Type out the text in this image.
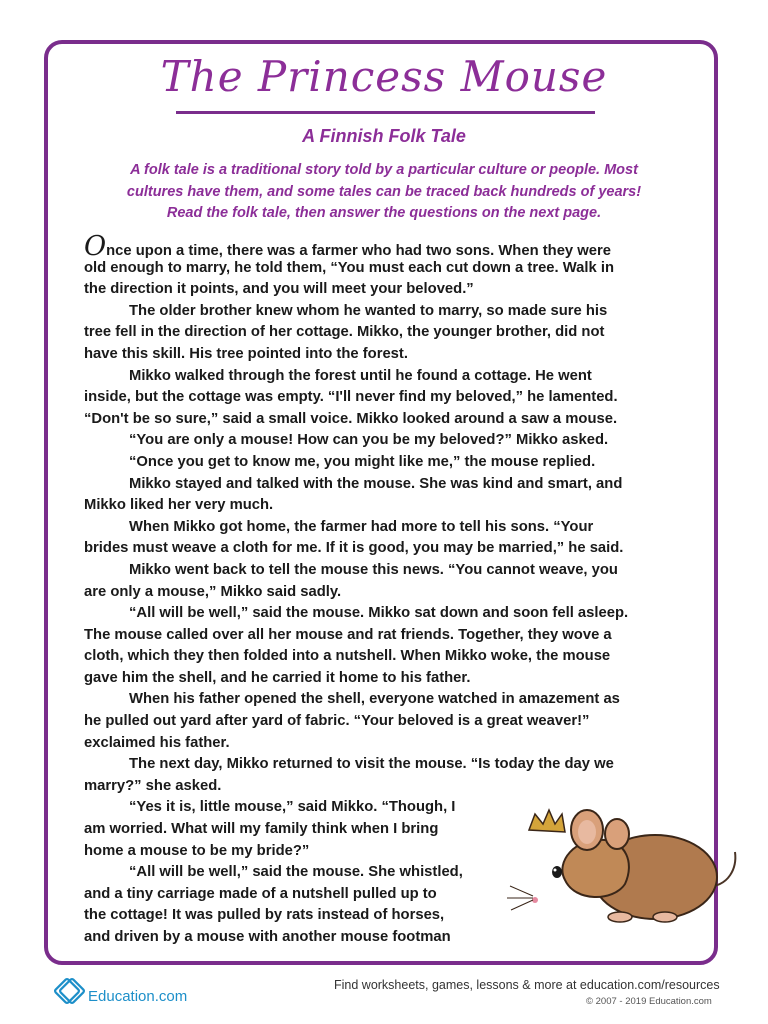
The Princess Mouse
A Finnish Folk Tale
A folk tale is a traditional story told by a particular culture or people. Most
cultures have them, and some tales can be traced back hundreds of years!
Read the folk tale, then answer the questions on the next page.
Once upon a time, there was a farmer who had two sons. When they were
old enough to marry, he told them, “You must each cut down a tree. Walk in
the direction it points, and you will meet your beloved.”
The older brother knew whom he wanted to marry, so made sure his
tree fell in the direction of her cottage. Mikko, the younger brother, did not
have this skill. His tree pointed into the forest.
Mikko walked through the forest until he found a cottage. He went
inside, but the cottage was empty. “I'll never find my beloved,” he lamented.
“Don't be so sure,” said a small voice. Mikko looked around a saw a mouse.
“You are only a mouse! How can you be my beloved?” Mikko asked.
“Once you get to know me, you might like me,” the mouse replied.
Mikko stayed and talked with the mouse. She was kind and smart, and
Mikko liked her very much.
When Mikko got home, the farmer had more to tell his sons. “Your
brides must weave a cloth for me. If it is good, you may be married,” he said.
Mikko went back to tell the mouse this news. “You cannot weave, you
are only a mouse,” Mikko said sadly.
“All will be well,” said the mouse. Mikko sat down and soon fell asleep.
The mouse called over all her mouse and rat friends. Together, they wove a
cloth, which they then folded into a nutshell. When Mikko woke, the mouse
gave him the shell, and he carried it home to his father.
When his father opened the shell, everyone watched in amazement as
he pulled out yard after yard of fabric. “Your beloved is a great weaver!”
exclaimed his father.
The next day, Mikko returned to visit the mouse. “Is today the day we
marry?” she asked.
“Yes it is, little mouse,” said Mikko. “Though, I
am worried. What will my family think when I bring
home a mouse to be my bride?”
“All will be well,” said the mouse. She whistled,
and a tiny carriage made of a nutshell pulled up to
the cottage! It was pulled by rats instead of horses,
and driven by a mouse with another mouse footman
Education.com
Find worksheets, games, lessons & more at education.com/resources
© 2007 - 2019 Education.com
